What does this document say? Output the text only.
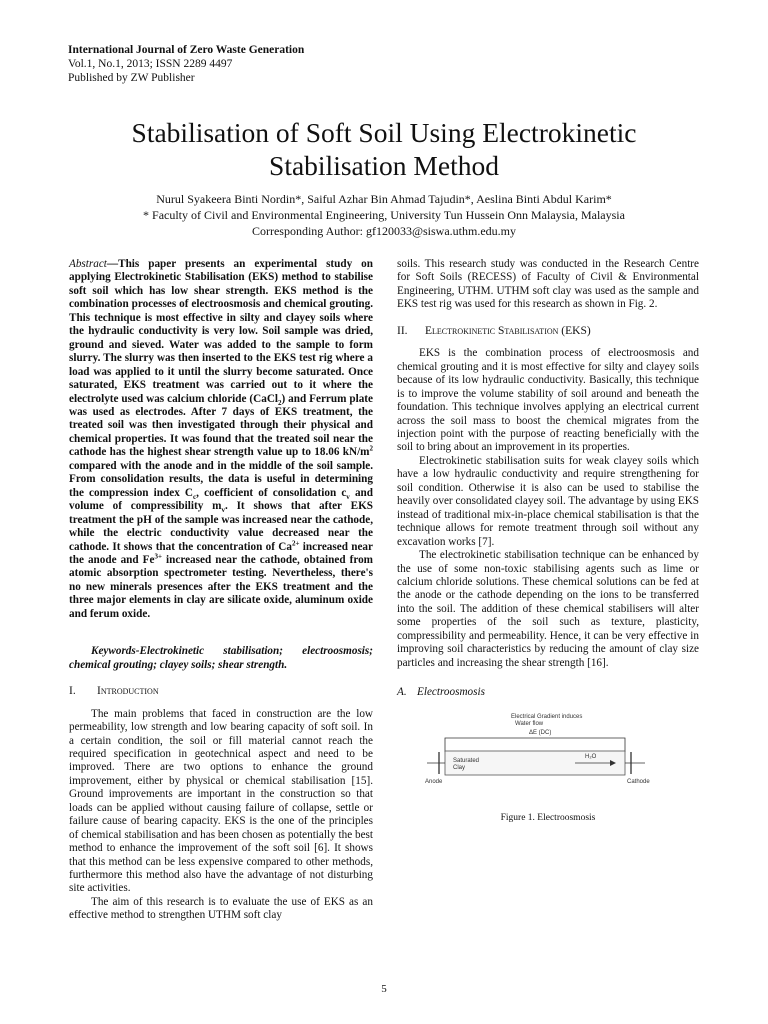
International Journal of Zero Waste Generation
Vol.1, No.1, 2013; ISSN 2289 4497
Published by ZW Publisher
Stabilisation of Soft Soil Using Electrokinetic
Stabilisation Method
Nurul Syakeera Binti Nordin*, Saiful Azhar Bin Ahmad Tajudin*, Aeslina Binti Abdul Karim*
* Faculty of Civil and Environmental Engineering, University Tun Hussein Onn Malaysia, Malaysia
Corresponding Author: gf120033@siswa.uthm.edu.my

Abstract—This paper presents an experimental study on applying Electrokinetic Stabilisation (EKS) method to stabilise soft soil which has low shear strength. EKS method is the combination processes of electroosmosis and chemical grouting. This technique is most effective in silty and clayey soils where the hydraulic conductivity is very low. Soil sample was dried, ground and sieved. Water was added to the sample to form slurry. The slurry was then inserted to the EKS test rig where a load was applied to it until the slurry become saturated. Once saturated, EKS treatment was carried out to it where the electrolyte used was calcium chloride (CaCl$_2$) and Ferrum plate was used as electrodes. After 7 days of EKS treatment, the treated soil was then investigated through their physical and chemical properties. It was found that the treated soil near the cathode has the highest shear strength value up to 18.06 $kN/m^2$ compared with the anode and in the middle of the soil sample. From consolidation results, the data is useful in determining the compression index $C_c$, coefficient of consolidation $c_v$ and volume of compressibility $m_v$. It shows that after EKS treatment the pH of the sample was increased near the cathode, while the electric conductivity value decreased near the cathode. It shows that the concentration of $Ca^{2+}$ increased near the anode and $Fe^{3+}$ increased near the cathode, obtained from atomic absorption spectrometer testing. Nevertheless, there's no new minerals presences after the EKS treatment and the three major elements in clay are silicate oxide, aluminum oxide and ferum oxide.

Keywords-Electrokinetic stabilisation; electroosmosis; chemical grouting; clayey soils; shear strength.

I. Introduction

The main problems that faced in construction are the low permeability, low strength and low bearing capacity of soft soil. In a certain condition, the soil or fill material cannot reach the required specification in geotechnical aspect and need to be improved. There are two options to enhance the ground improvement, either by physical or chemical stabilisation [15]. Ground improvements are important in the construction so that loads can be applied without causing failure of collapse, settle or failure cause of bearing capacity. EKS is the one of the principles of chemical stabilisation and has been chosen as potentially the best method to enhance the improvement of the soft soil [6]. It shows that this method can be less expensive compared to other methods, furthermore this method also have the advantage of not disturbing site activities.

The aim of this research is to evaluate the use of EKS as an effective method to strengthen UTHM soft clay

soils. This research study was conducted in the Research Centre for Soft Soils (RECESS) of Faculty of Civil & Environmental Engineering, UTHM. UTHM soft clay was used as the sample and EKS test rig was used for this research as shown in Fig. 2.

II. Electrokinetic Stabilisation (EKS)

EKS is the combination process of electroosmosis and chemical grouting and it is most effective for silty and clayey soils because of its low hydraulic conductivity. Basically, this technique is to improve the volume stability of soil around and beneath the foundation. This technique involves applying an electrical current across the soil mass to boost the chemical migrates from the injection point with the purpose of reacting beneficially with the soil to bring about an improvement in its properties.

Electrokinetic stabilisation suits for weak clayey soils which have a low hydraulic conductivity and require strengthening for soil condition. Otherwise it is also can be used to stabilise the heavily over consolidated clayey soil. The advantage by using EKS instead of traditional mix-in-place chemical stabilisation is that the technique allows for remote treatment through soil without any excavation works [7].

The electrokinetic stabilisation technique can be enhanced by the use of some non-toxic stabilising agents such as lime or calcium chloride solutions. These chemical solutions can be fed at the anode or the cathode depending on the ions to be transferred into the soil. The addition of these chemical stabilisers will alter some properties of the soil such as texture, plasticity, compressibility and permeability. Hence, it can be very effective in improving soil characteristics by reducing the amount of clay size particles and increasing the shear strength [16].

A. Electroosmosis
Electrical Gradient induces
Water flow
ΔE (DC)
Saturated
Clay
H₂O
Anode	Cathode
Figure 1. Electroosmosis
5
